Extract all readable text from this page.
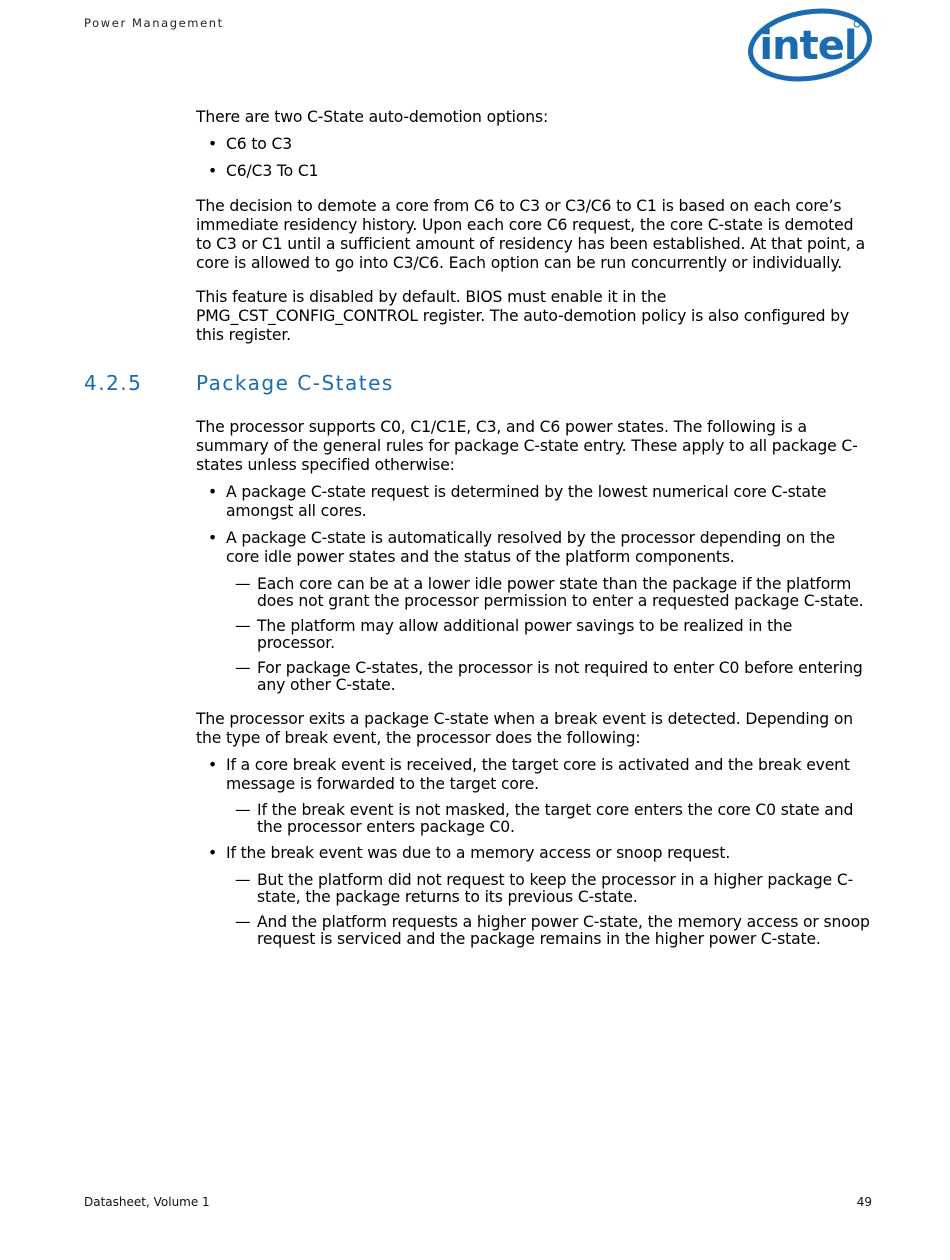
Power Management	intel

There are two C-State auto-demotion options:

• C6 to C3
• C6/C3 To C1

The decision to demote a core from C6 to C3 or C3/C6 to C1 is based on each core’s immediate residency history. Upon each core C6 request, the core C-state is demoted to C3 or C1 until a sufficient amount of residency has been established. At that point, a core is allowed to go into C3/C6. Each option can be run concurrently or individually.

This feature is disabled by default. BIOS must enable it in the PMG_CST_CONFIG_CONTROL register. The auto-demotion policy is also configured by this register.

The processor supports C0, C1/C1E, C3, and C6 power states. The following is a summary of the general rules for package C-state entry. These apply to all package C-states unless specified otherwise:

• A package C-state request is determined by the lowest numerical core C-state amongst all cores.
• A package C-state is automatically resolved by the processor depending on the core idle power states and the status of the platform components.
— Each core can be at a lower idle power state than the package if the platform does not grant the processor permission to enter a requested package C-state.
— The platform may allow additional power savings to be realized in the processor.
— For package C-states, the processor is not required to enter C0 before entering any other C-state.

The processor exits a package C-state when a break event is detected. Depending on the type of break event, the processor does the following:

• If a core break event is received, the target core is activated and the break event message is forwarded to the target core.
— If the break event is not masked, the target core enters the core C0 state and the processor enters package C0.
• If the break event was due to a memory access or snoop request.
— But the platform did not request to keep the processor in a higher package C-state, the package returns to its previous C-state.
— And the platform requests a higher power C-state, the memory access or snoop request is serviced and the package remains in the higher power C-state.
4.2.5	Package C-States
Datasheet, Volume 1	49
